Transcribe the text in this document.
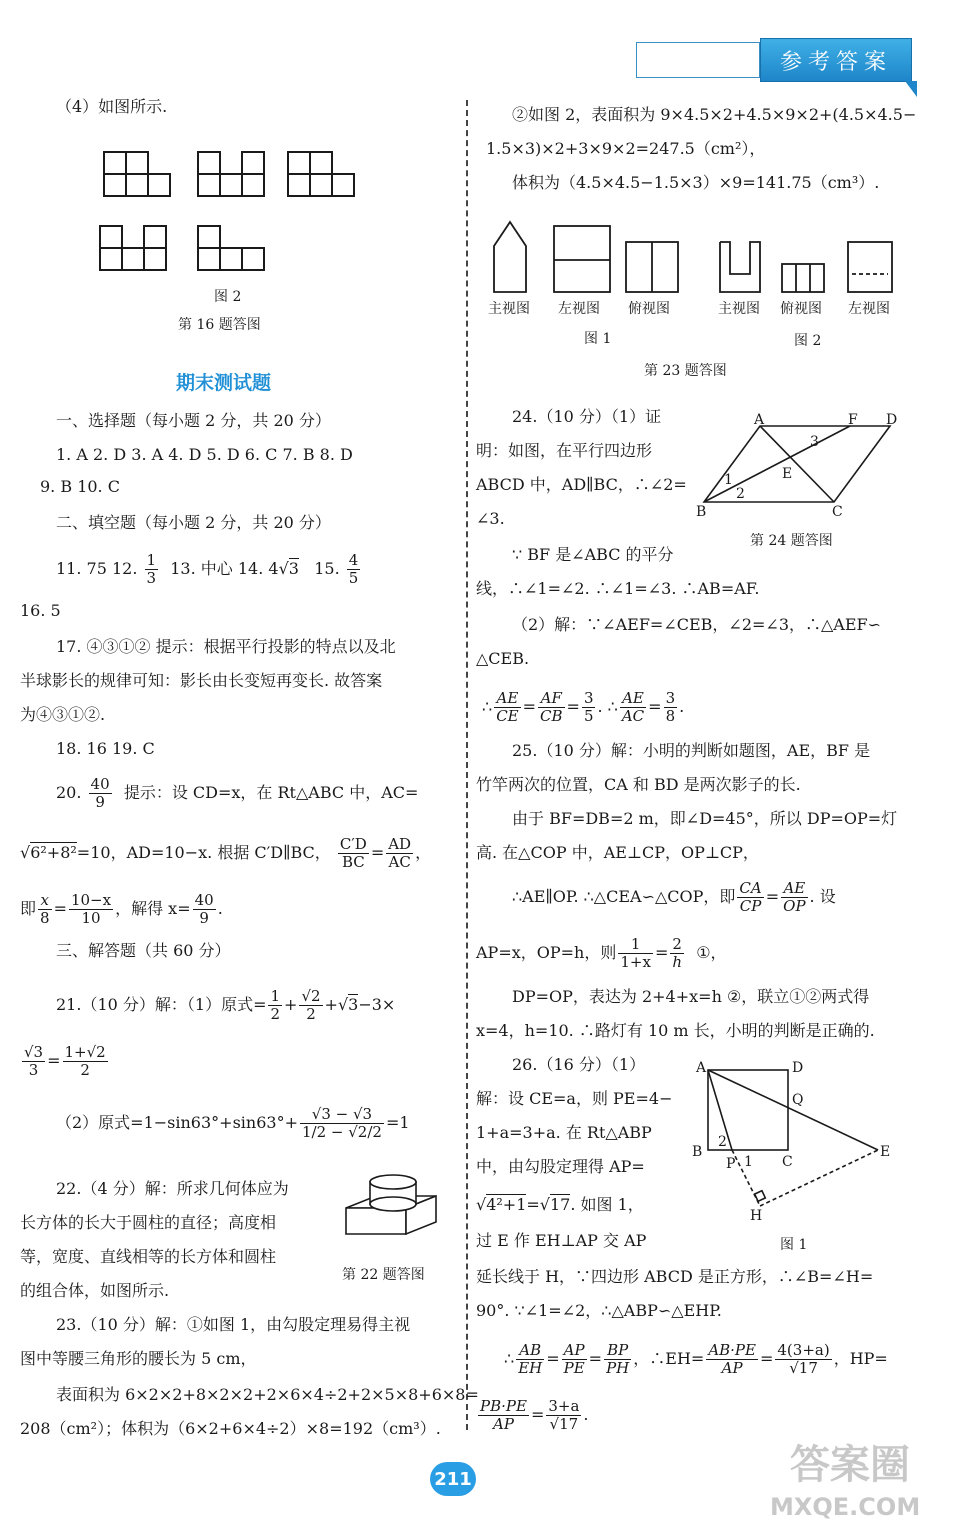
参考答案
（4）如图所示.
图 2
第 16 题答图
期末测试题
一、选择题（每小题 2 分，共 20 分）
1. A 2. D 3. A 4. D 5. D 6. C 7. B 8. D
9. B 10. C
二、填空题（每小题 2 分，共 20 分）
11. 75 12. $\frac{1}{3} 13$. 中心 14. 4√3 15. $\frac{4}{5}$
16. 5
17. ④③①② 提示：根据平行投影的特点以及北
半球影长的规律可知：影长由长变短再变长. 故答案
为④③①②.
18. 16 19. C
20. $\frac{40}{9}$ 提示：设 CD=x，在 Rt△ABC 中，AC=
√6²+8²=10，AD=10−x. 根据 C′D∥BC， $\frac{C'D}{BC} = \frac{AD}{AC}$ ，
即 $\frac{x}{8} = \frac{10-x}{10}$ ，解得 $x= \frac{40}{9}$ .
三、解答题（共 60 分）
21.（10 分）解：（1）原式= $\frac{1}{2} + \frac{√2}{2} +√3-3\times$
$\frac{√3}{3} = \frac{1+√2}{2}$
（2）原式$=1-\sin 63^\circ+\sin 63^\circ+ \frac{√3 - √3}{1/2 - √2/2} =1$
22.（4 分）解：所求几何体应为
长方体的长大于圆柱的直径；高度相
等，宽度、直线相等的长方体和圆柱
的组合体，如图所示.
第 22 题答图
23.（10 分）解：①如图 1，由勾股定理易得主视
图中等腰三角形的腰长为 5 cm，
表面积为 6×2×2+8×2×2+2×6×4÷2+2×5×8+6×8=
208（cm²）；体积为（6×2+6×4÷2）×8=192（cm³）.
②如图 2，表面积为 9×4.5×2+4.5×9×2+(4.5×4.5−
1.5×3)×2+3×9×2=247.5（cm²），
体积为（4.5×4.5−1.5×3）×9=141.75（cm³）.
主视图 左视图 俯视图	主视图 俯视图 左视图
图 1	图 2
第 23 题答图
24.（10 分）（1）证
明：如图，在平行四边形
ABCD 中，AD∥BC，∴∠2=
∠3.
A	F D
B	C
E
1
2
3
第 24 题答图
∵ BF 是∠ABC 的平分
线，∴∠1=∠2. ∴∠1=∠3. ∴AB=AF.
（2）解：∵∠AEF=∠CEB，∠2=∠3，∴△AEF∽
△CEB.
∴ $\frac{AE}{CE} = \frac{AF}{CB} = \frac{3}{5}$ . ∴ $\frac{AE}{AC} = \frac{3}{8}$ .
25.（10 分）解：小明的判断如题图，AE，BF 是
竹竿两次的位置，CA 和 BD 是两次影子的长.
由于 BF=DB=2 m，即∠D=45°，所以 DP=OP=灯
高. 在△COP 中，AE⊥CP，OP⊥CP，
∴AE∥OP. ∴△CEA∽△COP，即 $\frac{CA}{CP} = \frac{AE}{OP}$ . 设
AP=x，OP=h，则 $\frac{1}{1+x} = \frac{2}{h}$ ①，
DP=OP，表达为 2+4+x=h ②，联立①②两式得
x=4，h=10. ∴路灯有 10 m 长，小明的判断是正确的.
26.（16 分）（1）
解：设 CE=a，则 PE=4−
1+a=3+a. 在 Rt△ABP
中，由勾股定理得 AP=
√4²+1=√17. 如图 1，
过 E 作 EH⊥AP 交 AP
A	D
Q
B
P 1
2
C
E
H
图 1
延长线于 H，∵四边形 ABCD 是正方形，∴∠B=∠H=
90°. ∵∠1=∠2，∴△ABP∽△EHP.
∴ $\frac{AB}{EH} = \frac{AP}{PE} = \frac{BP}{PH}$ ，∴EH= $\frac{AB\cdot PE}{AP} = \frac{4(3+a)}{√17}$ ，HP=
$\frac{PB\cdot PE}{AP} = \frac{3+a}{√17}$ .
211	答案圈
MXQE.COM
